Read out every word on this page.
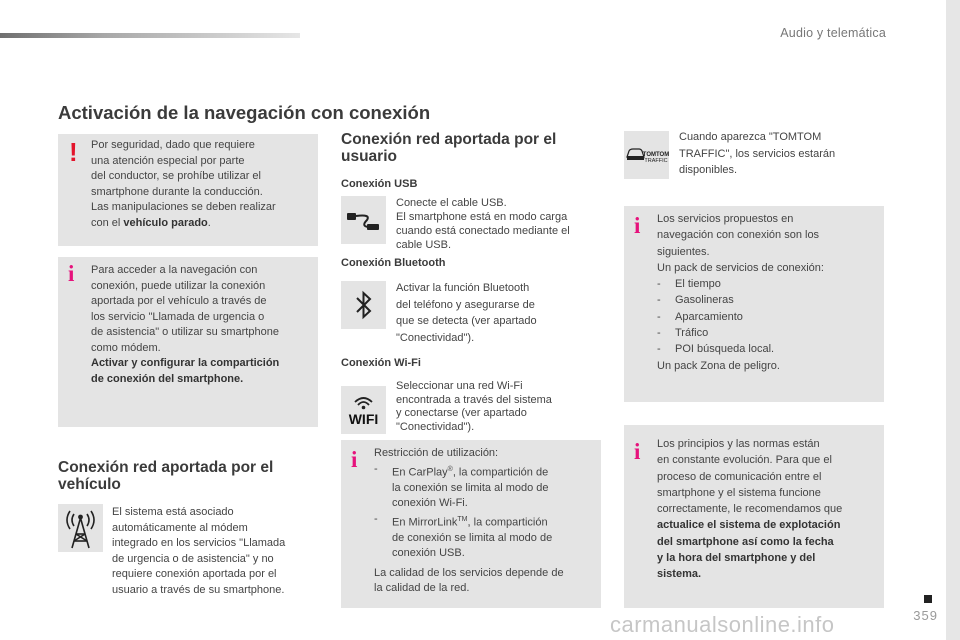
Audio y telemática
Activación de la navegación con conexión
! Por seguridad, dado que requiere
una atención especial por parte
del conductor, se prohíbe utilizar el
smartphone durante la conducción.
Las manipulaciones se deben realizar
con el vehículo parado.
i Para acceder a la navegación con
conexión, puede utilizar la conexión
aportada por el vehículo a través de
los servicio "Llamada de urgencia o
de asistencia" o utilizar su smartphone
como módem.
Activar y configurar la compartición
de conexión del smartphone.
Conexión red aportada por el
vehículo
El sistema está asociado
automáticamente al módem
integrado en los servicios "Llamada
de urgencia o de asistencia" y no
requiere conexión aportada por el
usuario a través de su smartphone.
Conexión red aportada por el
usuario
Conexión USB
Conecte el cable USB.
El smartphone está en modo carga
cuando está conectado mediante el
cable USB.
Conexión Bluetooth
Activar la función Bluetooth
del teléfono y asegurarse de
que se detecta (ver apartado
"Conectividad").
Conexión Wi-Fi
WIFI
Seleccionar una red Wi-Fi
encontrada a través del sistema
y conectarse (ver apartado
"Conectividad").
i Restricción de utilización:
- En CarPlay®, la compartición de
la conexión se limita al modo de
conexión Wi-Fi.
- En MirrorLink™, la compartición
de conexión se limita al modo de
conexión USB.
La calidad de los servicios depende de
la calidad de la red.
TOMTOM
TRAFFIC
Cuando aparezca "TOMTOM
TRAFFIC", los servicios estarán
disponibles.
i Los servicios propuestos en
navegación con conexión son los
siguientes.
Un pack de servicios de conexión:
- El tiempo
- Gasolineras
- Aparcamiento
- Tráfico
- POI búsqueda local.
Un pack Zona de peligro.
i Los principios y las normas están
en constante evolución. Para que el
proceso de comunicación entre el
smartphone y el sistema funcione
correctamente, le recomendamos que
actualice el sistema de explotación
del smartphone así como la fecha
y la hora del smartphone y del
sistema.
carmanualsonline.info	359
